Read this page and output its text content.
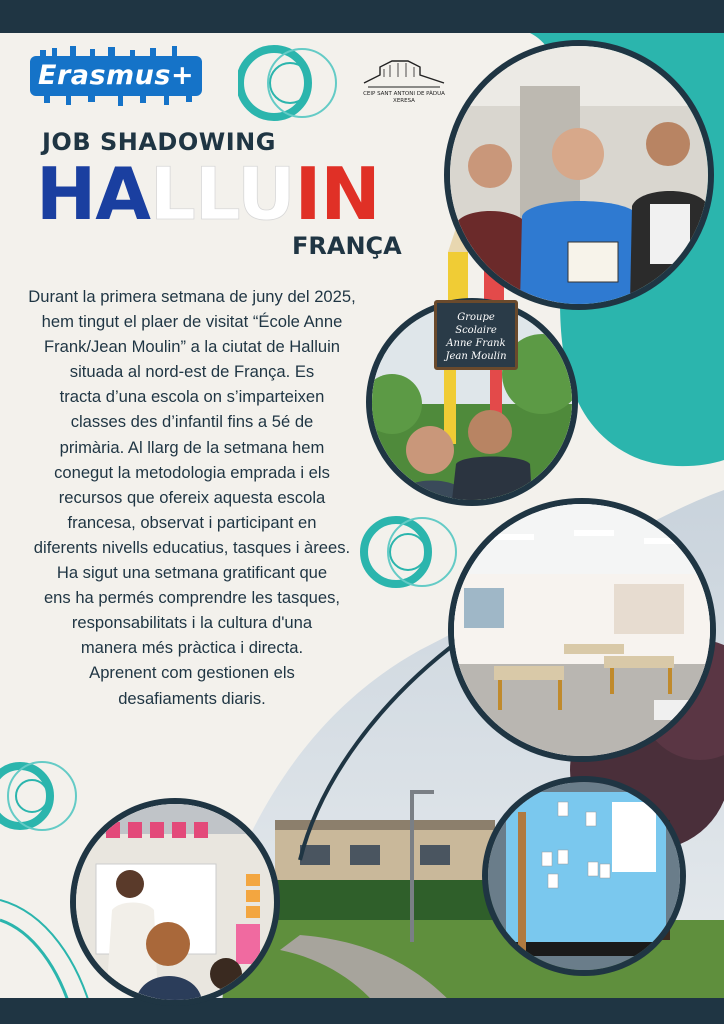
Erasmus+
CEIP SANT ANTONI DE PÀDUA
XERESA
JOB SHADOWING
HALLUIN
FRANÇA

Durant la primera setmana de juny del 2025,
hem tingut el plaer de visitat “École Anne
Frank/Jean Moulin” a la ciutat de Halluin
situada al nord-est de França. Es
tracta d’una escola on s’imparteixen
classes des d’infantil fins a 5é de
primària. Al llarg de la setmana hem
conegut la metodologia emprada i els
recursos que ofereix aquesta escola
francesa, observat i participant en
diferents nivells educatius, tasques i àrees.
Ha sigut una setmana gratificant que
ens ha permés comprendre les tasques,
responsabilitats i la cultura d'una
manera més pràctica i directa.
Aprenent com gestionen els
desafiaments diaris.

Groupe Scolaire
Anne Frank
Jean Moulin
